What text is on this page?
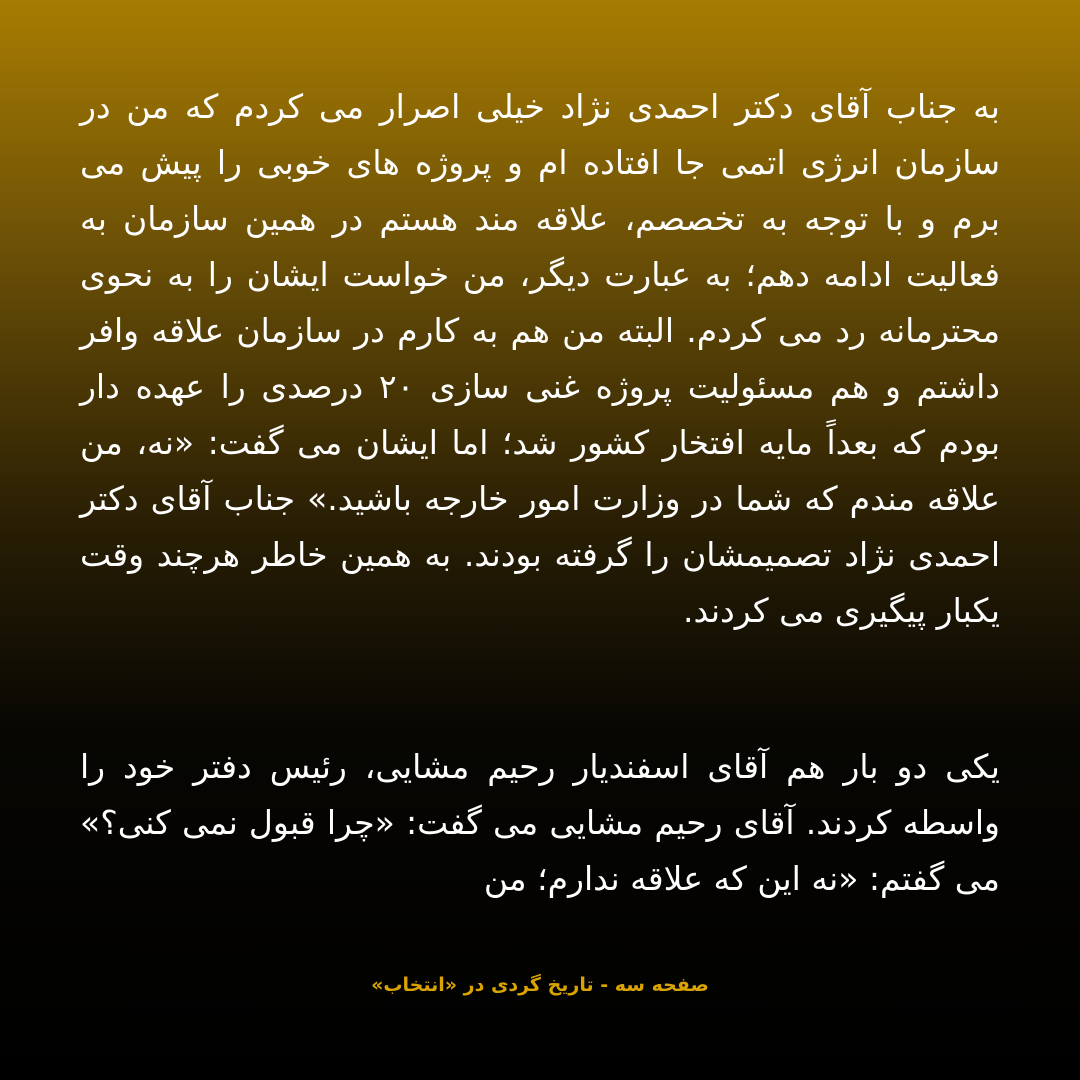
به جناب آقای دکتر احمدی نژاد خیلی اصرار می کردم که من در سازمان انرژی اتمی جا افتاده ام و پروژه های خوبی را پیش می برم و با توجه به تخصصم، علاقه مند هستم در همین سازمان به فعالیت ادامه دهم؛ به عبارت دیگر، من خواست ایشان را به نحوی محترمانه رد می کردم. البته من هم به کارم در سازمان علاقه وافر داشتم و هم مسئولیت پروژه غنی سازی ۲۰ درصدی را عهده دار بودم که بعداً مایه افتخار کشور شد؛ اما ایشان می گفت: «نه، من علاقه مندم که شما در وزارت امور خارجه باشید.» جناب آقای دکتر احمدی نژاد تصمیمشان را گرفته بودند. به همین خاطر هرچند وقت یکبار پیگیری می کردند.

یکی دو بار هم آقای اسفندیار رحیم مشایی، رئیس دفتر خود را واسطه کردند. آقای رحیم مشایی می گفت: «چرا قبول نمی کنی؟» می گفتم: «نه این که علاقه ندارم؛ من

صفحه سه - تاریخ گردی در «انتخاب»
